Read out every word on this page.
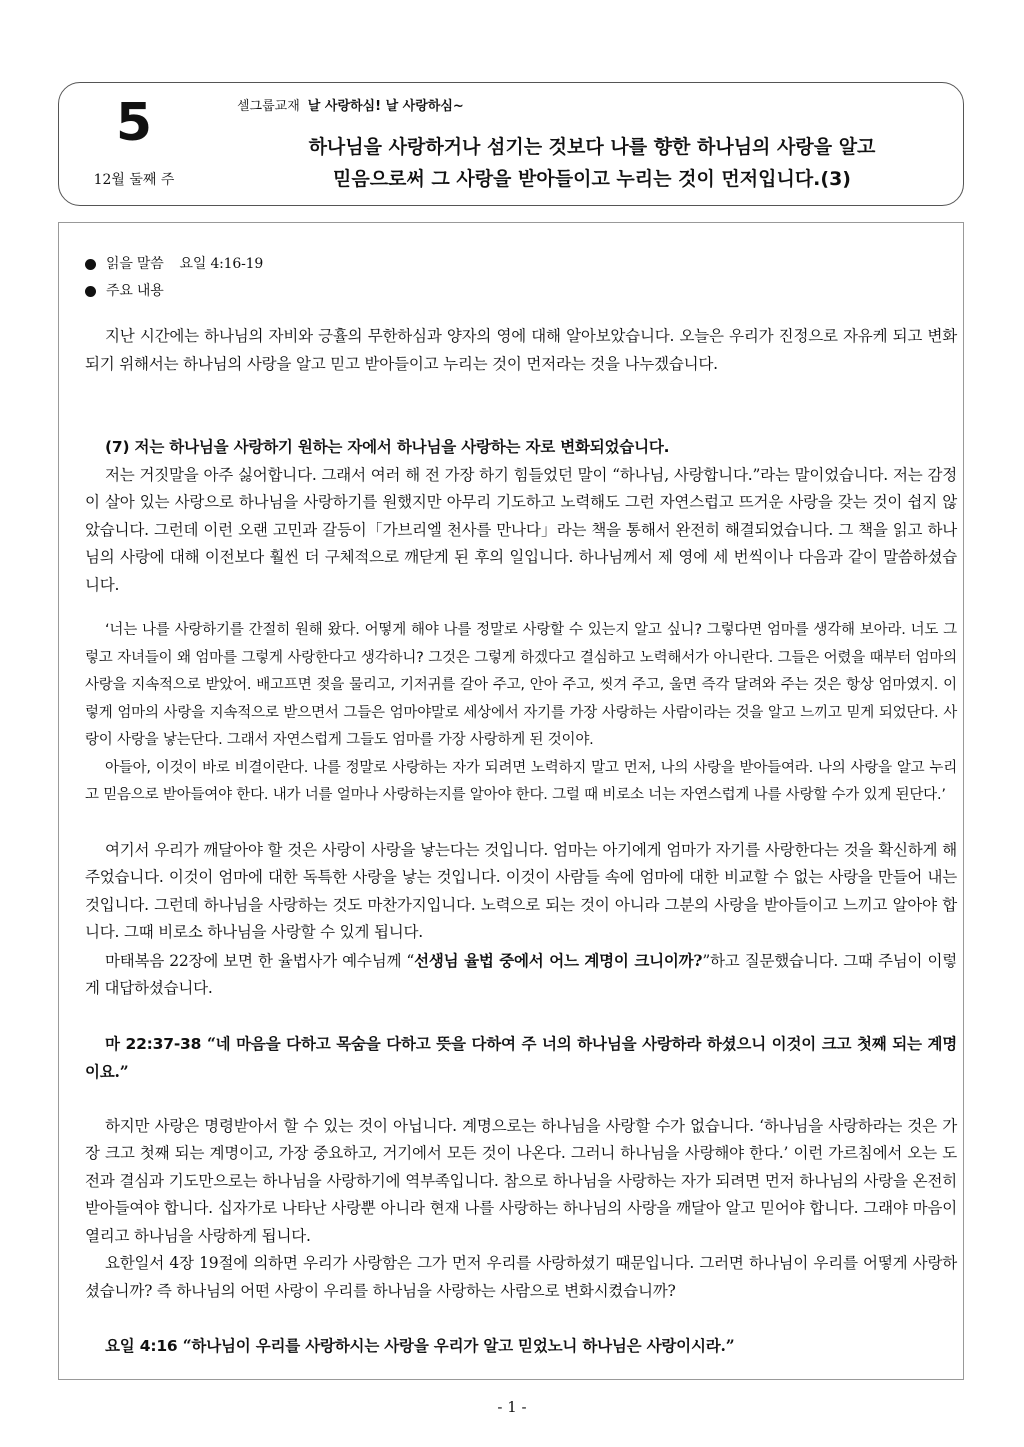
5
12월 둘째 주
셀그룹교재 날 사랑하심! 날 사랑하심~
하나님을 사랑하거나 섬기는 것보다 나를 향한 하나님의 사랑을 알고
믿음으로써 그 사랑을 받아들이고 누리는 것이 먼저입니다.(3)
읽을 말씀 요일 4:16-19
주요 내용

지난 시간에는 하나님의 자비와 긍휼의 무한하심과 양자의 영에 대해 알아보았습니다. 오늘은 우리가 진정으로 자유케 되고 변화되기 위해서는 하나님의 사랑을 알고 믿고 받아들이고 누리는 것이 먼저라는 것을 나누겠습니다.

(7) 저는 하나님을 사랑하기 원하는 자에서 하나님을 사랑하는 자로 변화되었습니다.

저는 거짓말을 아주 싫어합니다. 그래서 여러 해 전 가장 하기 힘들었던 말이 “하나님, 사랑합니다.”라는 말이었습니다. 저는 감정이 살아 있는 사랑으로 하나님을 사랑하기를 원했지만 아무리 기도하고 노력해도 그런 자연스럽고 뜨거운 사랑을 갖는 것이 쉽지 않았습니다. 그런데 이런 오랜 고민과 갈등이「가브리엘 천사를 만나다」라는 책을 통해서 완전히 해결되었습니다. 그 책을 읽고 하나님의 사랑에 대해 이전보다 훨씬 더 구체적으로 깨닫게 된 후의 일입니다. 하나님께서 제 영에 세 번씩이나 다음과 같이 말씀하셨습니다.

‘너는 나를 사랑하기를 간절히 원해 왔다. 어떻게 해야 나를 정말로 사랑할 수 있는지 알고 싶니? 그렇다면 엄마를 생각해 보아라. 너도 그렇고 자녀들이 왜 엄마를 그렇게 사랑한다고 생각하니? 그것은 그렇게 하겠다고 결심하고 노력해서가 아니란다. 그들은 어렸을 때부터 엄마의 사랑을 지속적으로 받았어. 배고프면 젖을 물리고, 기저귀를 갈아 주고, 안아 주고, 씻겨 주고, 울면 즉각 달려와 주는 것은 항상 엄마였지. 이렇게 엄마의 사랑을 지속적으로 받으면서 그들은 엄마야말로 세상에서 자기를 가장 사랑하는 사람이라는 것을 알고 느끼고 믿게 되었단다. 사랑이 사랑을 낳는단다. 그래서 자연스럽게 그들도 엄마를 가장 사랑하게 된 것이야.

아들아, 이것이 바로 비결이란다. 나를 정말로 사랑하는 자가 되려면 노력하지 말고 먼저, 나의 사랑을 받아들여라. 나의 사랑을 알고 누리고 믿음으로 받아들여야 한다. 내가 너를 얼마나 사랑하는지를 알아야 한다. 그럴 때 비로소 너는 자연스럽게 나를 사랑할 수가 있게 된단다.’

여기서 우리가 깨달아야 할 것은 사랑이 사랑을 낳는다는 것입니다. 엄마는 아기에게 엄마가 자기를 사랑한다는 것을 확신하게 해 주었습니다. 이것이 엄마에 대한 독특한 사랑을 낳는 것입니다. 이것이 사람들 속에 엄마에 대한 비교할 수 없는 사랑을 만들어 내는 것입니다. 그런데 하나님을 사랑하는 것도 마찬가지입니다. 노력으로 되는 것이 아니라 그분의 사랑을 받아들이고 느끼고 알아야 합니다. 그때 비로소 하나님을 사랑할 수 있게 됩니다.

마태복음 22장에 보면 한 율법사가 예수님께 “선생님 율법 중에서 어느 계명이 크니이까?”하고 질문했습니다. 그때 주님이 이렇게 대답하셨습니다.

마 22:37-38 “네 마음을 다하고 목숨을 다하고 뜻을 다하여 주 너의 하나님을 사랑하라 하셨으니 이것이 크고 첫째 되는 계명이요.”

하지만 사랑은 명령받아서 할 수 있는 것이 아닙니다. 계명으로는 하나님을 사랑할 수가 없습니다. ‘하나님을 사랑하라는 것은 가장 크고 첫째 되는 계명이고, 가장 중요하고, 거기에서 모든 것이 나온다. 그러니 하나님을 사랑해야 한다.’ 이런 가르침에서 오는 도전과 결심과 기도만으로는 하나님을 사랑하기에 역부족입니다. 참으로 하나님을 사랑하는 자가 되려면 먼저 하나님의 사랑을 온전히 받아들여야 합니다. 십자가로 나타난 사랑뿐 아니라 현재 나를 사랑하는 하나님의 사랑을 깨달아 알고 믿어야 합니다. 그래야 마음이 열리고 하나님을 사랑하게 됩니다.

요한일서 4장 19절에 의하면 우리가 사랑함은 그가 먼저 우리를 사랑하셨기 때문입니다. 그러면 하나님이 우리를 어떻게 사랑하셨습니까? 즉 하나님의 어떤 사랑이 우리를 하나님을 사랑하는 사람으로 변화시켰습니까?

요일 4:16 “하나님이 우리를 사랑하시는 사랑을 우리가 알고 믿었노니 하나님은 사랑이시라.”

- 1 -
